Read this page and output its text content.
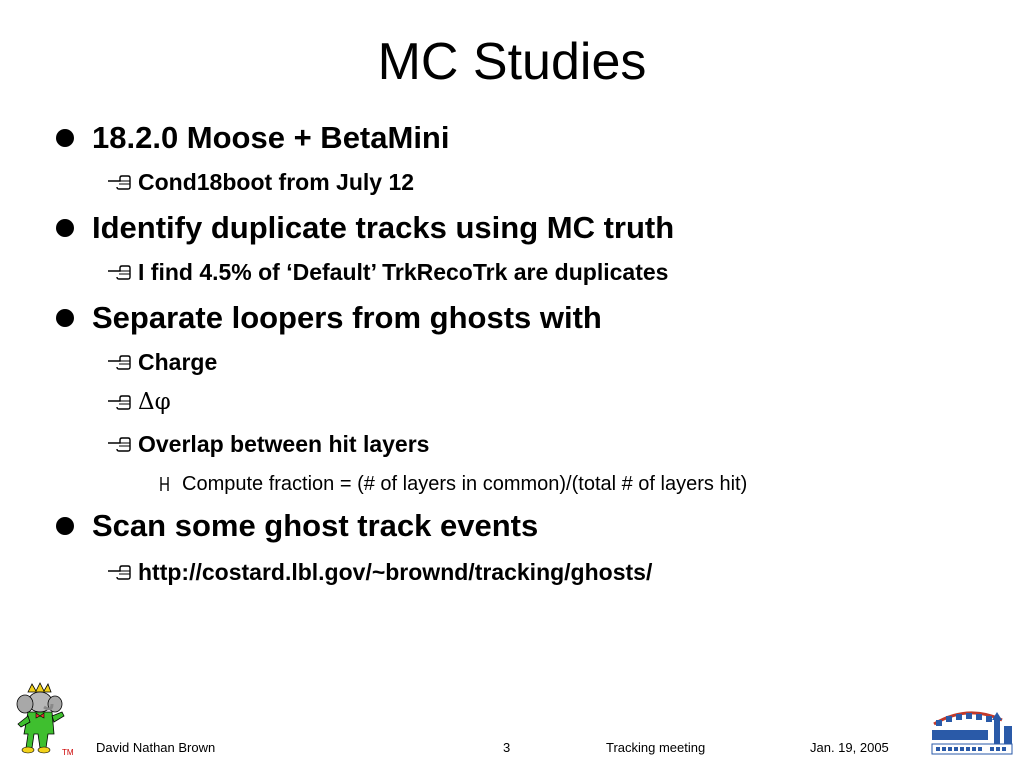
MC Studies
18.2.0 Moose + BetaMini
Cond18boot from July 12
Identify duplicate tracks using MC truth
I find 4.5% of ‘Default’ TrkRecoTrk are duplicates
Separate loopers from ghosts with
Charge
Δφ
Overlap between hit layers
Compute fraction = (# of layers in common)/(total # of layers hit)
Scan some ghost track events
http://costard.lbl.gov/~brownd/tracking/ghosts/
TM David Nathan Brown	3	Tracking meeting	Jan. 19, 2005
